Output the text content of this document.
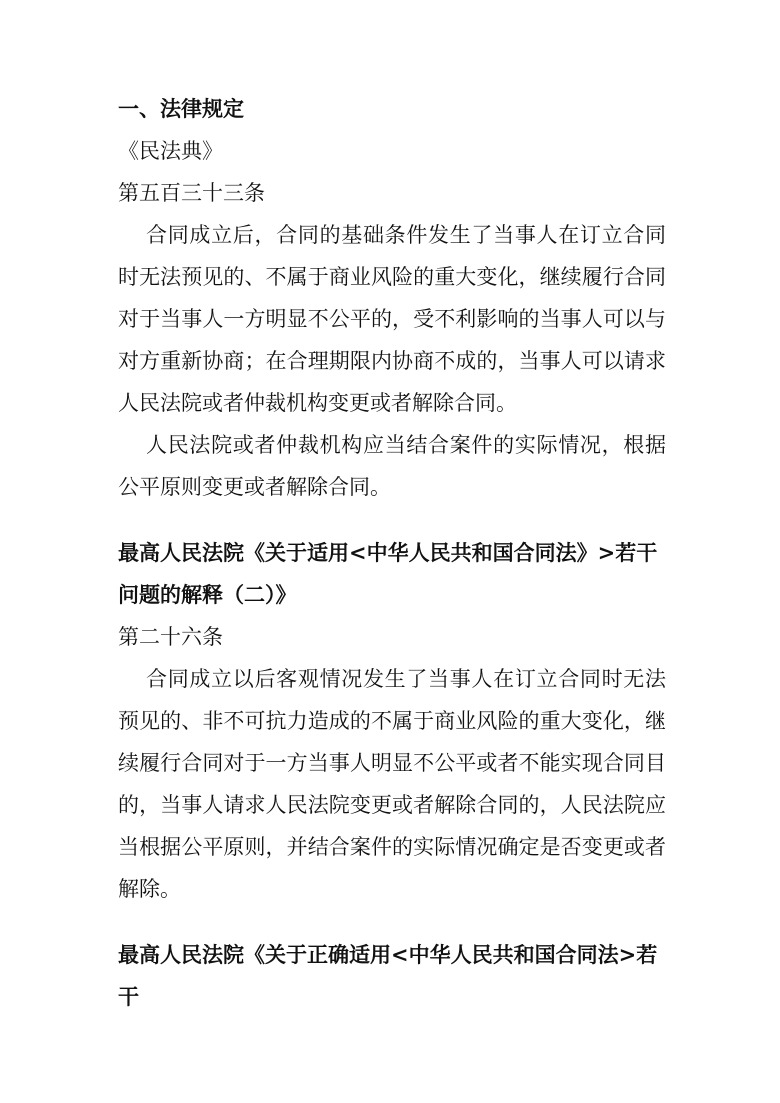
一、法律规定

《民法典》

第五百三十三条

合同成立后，合同的基础条件发生了当事人在订立合同时无法预见的、不属于商业风险的重大变化，继续履行合同对于当事人一方明显不公平的，受不利影响的当事人可以与对方重新协商；在合理期限内协商不成的，当事人可以请求人民法院或者仲裁机构变更或者解除合同。

人民法院或者仲裁机构应当结合案件的实际情况，根据公平原则变更或者解除合同。

最高人民法院《关于适用<中华人民共和国合同法》>若干问题的解释（二）》

第二十六条

合同成立以后客观情况发生了当事人在订立合同时无法预见的、非不可抗力造成的不属于商业风险的重大变化，继续履行合同对于一方当事人明显不公平或者不能实现合同目的，当事人请求人民法院变更或者解除合同的，人民法院应当根据公平原则，并结合案件的实际情况确定是否变更或者解除。

最高人民法院《关于正确适用<中华人民共和国合同法>若干
